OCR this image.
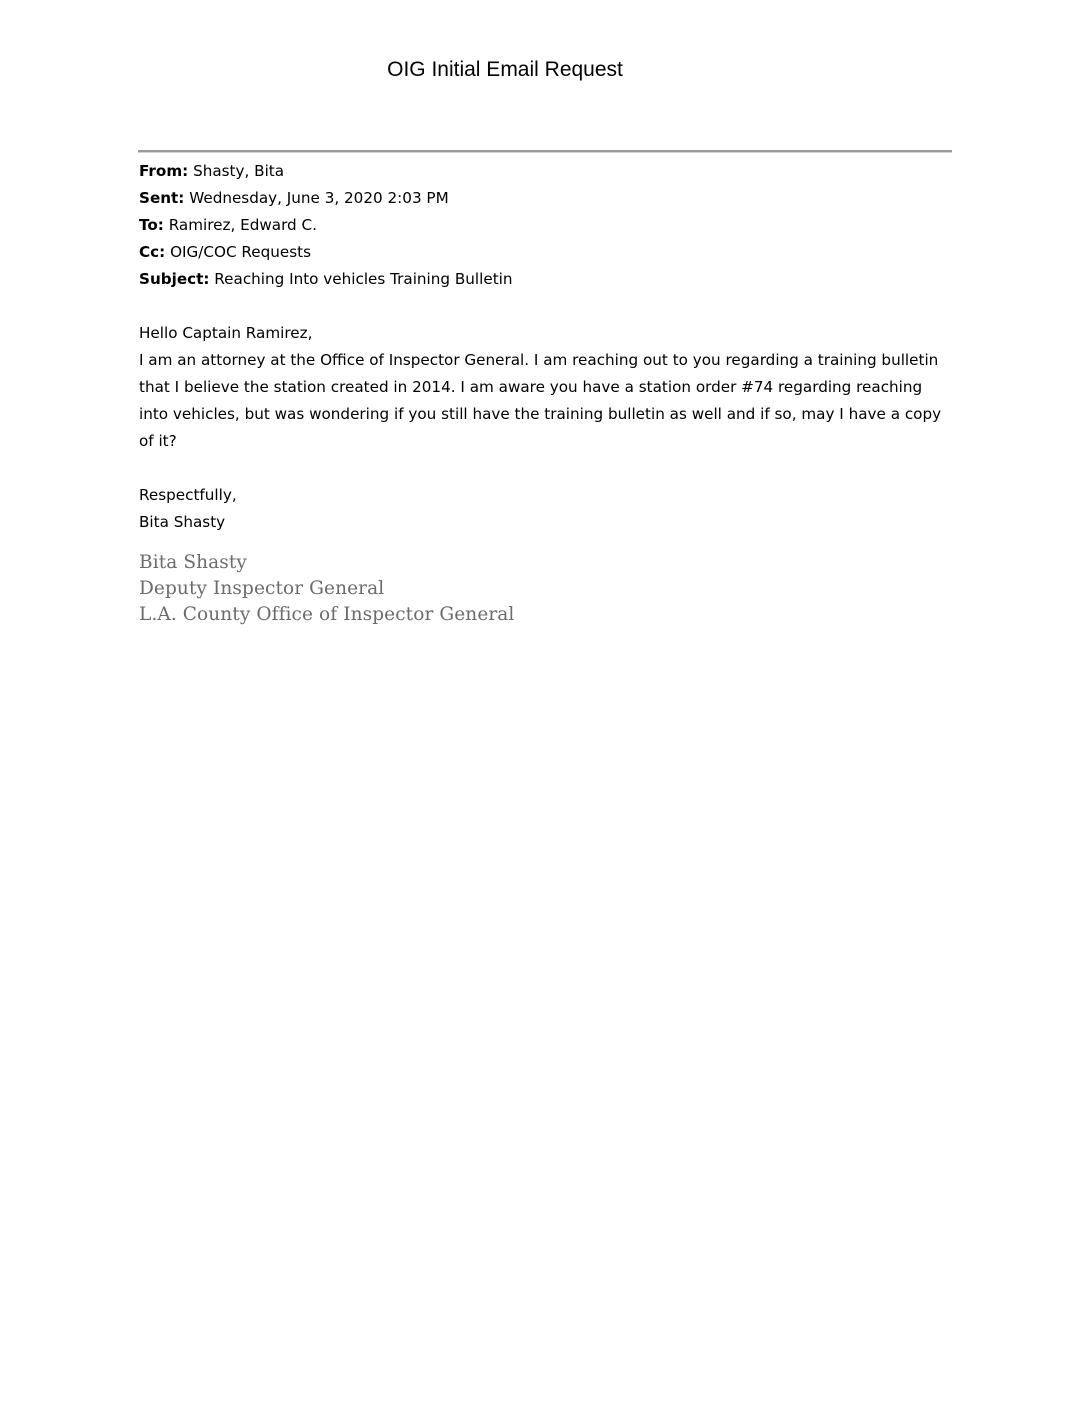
OIG Initial Email Request
From: Shasty, Bita
Sent: Wednesday, June 3, 2020 2:03 PM
To: Ramirez, Edward C.
Cc: OIG/COC Requests
Subject: Reaching Into vehicles Training Bulletin
Hello Captain Ramirez,

I am an attorney at the Office of Inspector General. I am reaching out to you regarding a training bulletin that I believe the station created in 2014. I am aware you have a station order #74 regarding reaching into vehicles, but was wondering if you still have the training bulletin as well and if so, may I have a copy of it?

Respectfully,
Bita Shasty
Bita Shasty
Deputy Inspector General
L.A. County Office of Inspector General
